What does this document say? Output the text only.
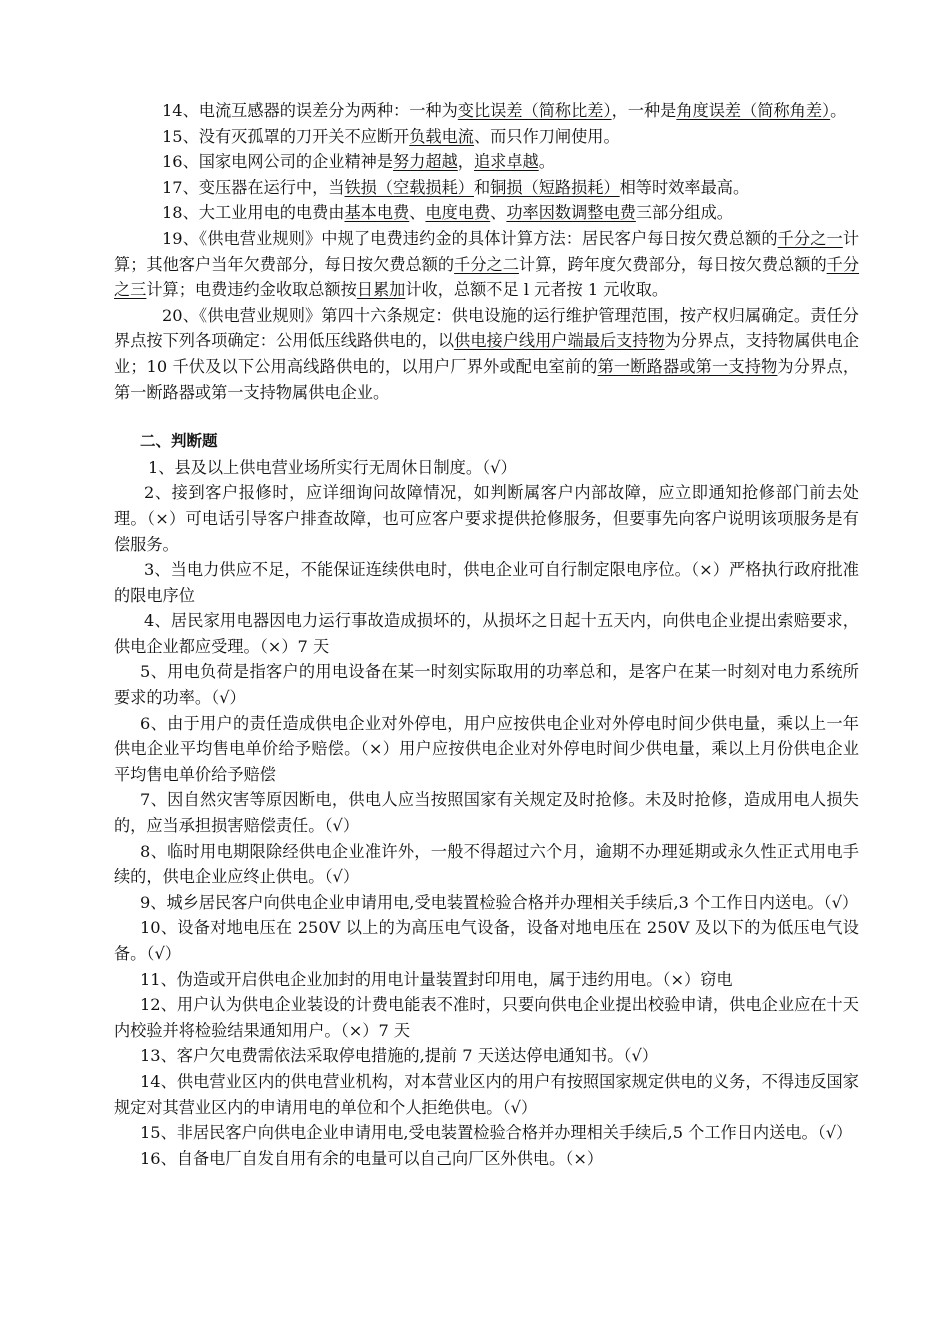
14、电流互感器的误差分为两种：一种为变比误差（简称比差），一种是角度误差（简称角差）。

15、没有灭孤罩的刀开关不应断开负载电流、而只作刀闸使用。

16、国家电网公司的企业精神是努力超越，追求卓越。

17、变压器在运行中，当铁损（空载损耗）和铜损（短路损耗）相等时效率最高。

18、大工业用电的电费由基本电费、电度电费、功率因数调整电费三部分组成。

19、《供电营业规则》中规了电费违约金的具体计算方法：居民客户每日按欠费总额的千分之一计算；其他客户当年欠费部分，每日按欠费总额的千分之二计算，跨年度欠费部分，每日按欠费总额的千分之三计算；电费违约金收取总额按日累加计收，总额不足 l 元者按 1 元收取。

20、《供电营业规则》第四十六条规定：供电设施的运行维护管理范围，按产权归属确定。责任分界点按下列各项确定：公用低压线路供电的，以供电接户线用户端最后支持物为分界点，支持物属供电企业；10 千伏及以下公用高线路供电的，以用户厂界外或配电室前的第一断路器或第一支持物为分界点，第一断路器或第一支持物属供电企业。

二、判断题

1、县及以上供电营业场所实行无周休日制度。（√）

2、接到客户报修时，应详细询问故障情况，如判断属客户内部故障，应立即通知抢修部门前去处理。（×）可电话引导客户排查故障，也可应客户要求提供抢修服务，但要事先向客户说明该项服务是有偿服务。

3、当电力供应不足，不能保证连续供电时，供电企业可自行制定限电序位。（×）严格执行政府批准的限电序位

4、居民家用电器因电力运行事故造成损坏的，从损坏之日起十五天内，向供电企业提出索赔要求，供电企业都应受理。（×）7 天

5、用电负荷是指客户的用电设备在某一时刻实际取用的功率总和，是客户在某一时刻对电力系统所要求的功率。（√）

6、由于用户的责任造成供电企业对外停电，用户应按供电企业对外停电时间少供电量，乘以上一年供电企业平均售电单价给予赔偿。（×）用户应按供电企业对外停电时间少供电量，乘以上月份供电企业平均售电单价给予赔偿

7、因自然灾害等原因断电，供电人应当按照国家有关规定及时抢修。未及时抢修，造成用电人损失的，应当承担损害赔偿责任。（√）

8、临时用电期限除经供电企业准许外，一般不得超过六个月，逾期不办理延期或永久性正式用电手续的，供电企业应终止供电。（√）

9、城乡居民客户向供电企业申请用电,受电装置检验合格并办理相关手续后,3 个工作日内送电。（√）

10、设备对地电压在 250V 以上的为高压电气设备，设备对地电压在 250V 及以下的为低压电气设备。（√）

11、伪造或开启供电企业加封的用电计量装置封印用电，属于违约用电。（×）窃电

12、用户认为供电企业装设的计费电能表不准时，只要向供电企业提出校验申请，供电企业应在十天内校验并将检验结果通知用户。（×）7 天

13、客户欠电费需依法采取停电措施的,提前 7 天送达停电通知书。（√）

14、供电营业区内的供电营业机构，对本营业区内的用户有按照国家规定供电的义务，不得违反国家规定对其营业区内的申请用电的单位和个人拒绝供电。（√）

15、非居民客户向供电企业申请用电,受电装置检验合格并办理相关手续后,5 个工作日内送电。（√）

16、自备电厂自发自用有余的电量可以自己向厂区外供电。（×）
